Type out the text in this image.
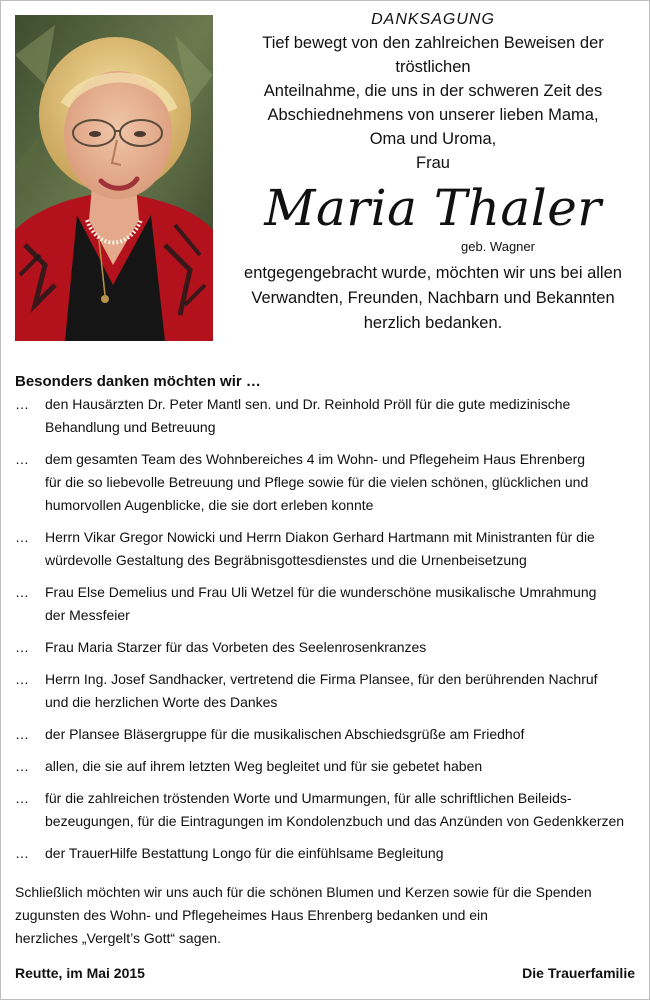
DANKSAGUNG
Tief bewegt von den zahlreichen Beweisen der tröstlichen
Anteilnahme, die uns in der schweren Zeit des
Abschiednehmens von unserer lieben Mama,
Oma und Uroma,
Frau
Maria Thaler
geb. Wagner
entgegengebracht wurde, möchten wir uns bei allen
Verwandten, Freunden, Nachbarn und Bekannten
herzlich bedanken.
Besonders danken möchten wir …
… den Hausärzten Dr. Peter Mantl sen. und Dr. Reinhold Pröll für die gute medizinische
Behandlung und Betreuung
… dem gesamten Team des Wohnbereiches 4 im Wohn- und Pflegeheim Haus Ehrenberg
für die so liebevolle Betreuung und Pflege sowie für die vielen schönen, glücklichen und
humorvollen Augenblicke, die sie dort erleben konnte
… Herrn Vikar Gregor Nowicki und Herrn Diakon Gerhard Hartmann mit Ministranten für die
würdevolle Gestaltung des Begräbnisgottesdienstes und die Urnenbeisetzung
… Frau Else Demelius und Frau Uli Wetzel für die wunderschöne musikalische Umrahmung
der Messfeier
… Frau Maria Starzer für das Vorbeten des Seelenrosenkranzes
… Herrn Ing. Josef Sandhacker, vertretend die Firma Plansee, für den berührenden Nachruf
und die herzlichen Worte des Dankes
… der Plansee Bläsergruppe für die musikalischen Abschiedsgrüße am Friedhof
… allen, die sie auf ihrem letzten Weg begleitet und für sie gebetet haben
… für die zahlreichen tröstenden Worte und Umarmungen, für alle schriftlichen Beileids-
bezeugungen, für die Eintragungen im Kondolenzbuch und das Anzünden von Gedenkkerzen
… der TrauerHilfe Bestattung Longo für die einfühlsame Begleitung

Schließlich möchten wir uns auch für die schönen Blumen und Kerzen sowie für die Spenden

zugunsten des Wohn- und Pflegeheimes Haus Ehrenberg bedanken und ein

herzliches „Vergelt’s Gott“ sagen.

Reutte, im Mai 2015	Die Trauerfamilie
